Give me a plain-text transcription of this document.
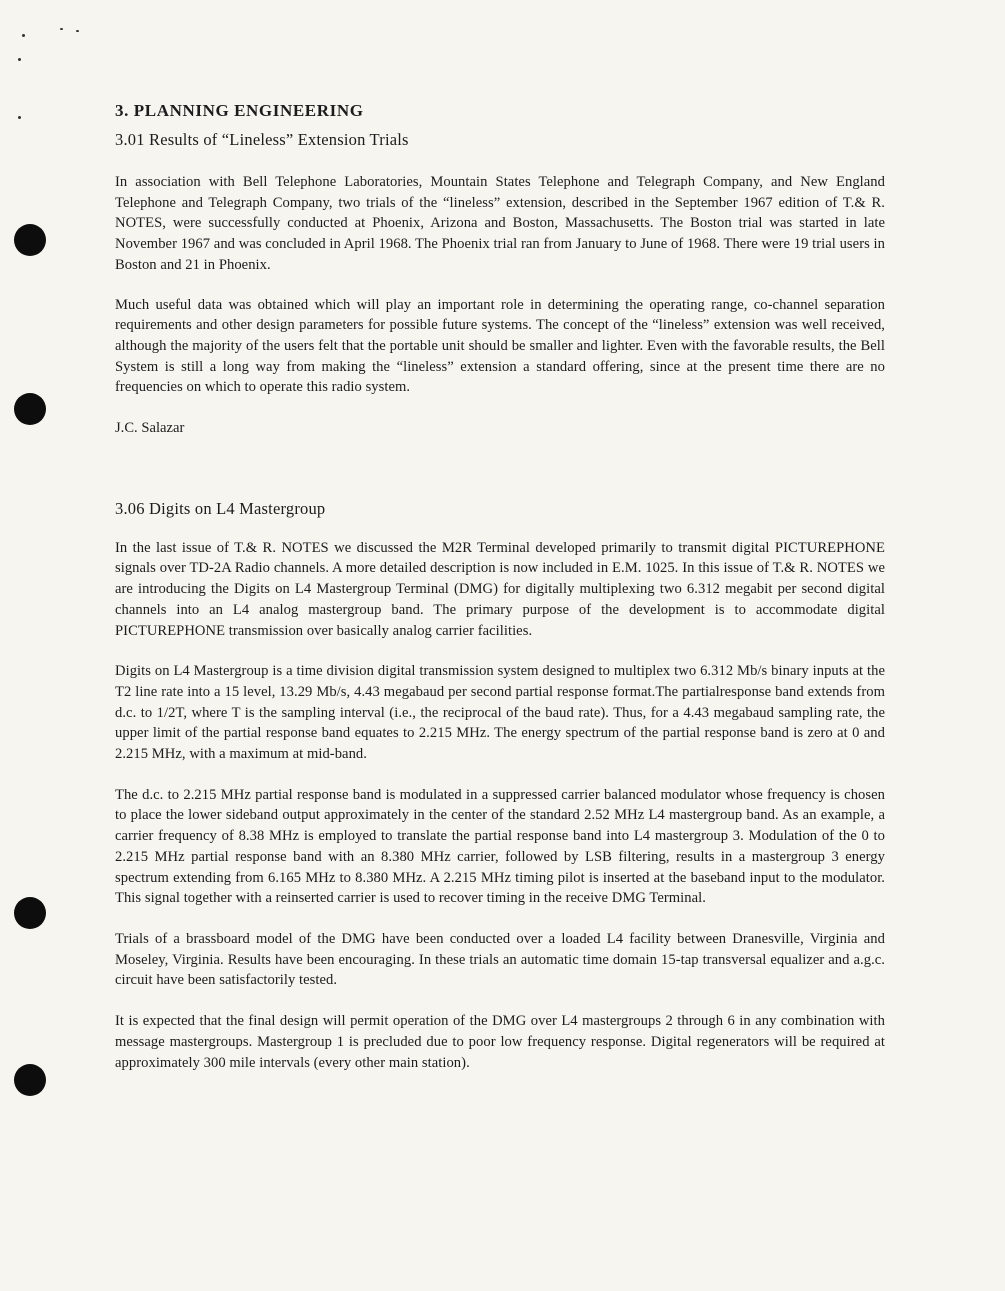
3. PLANNING ENGINEERING
3.01 Results of “Lineless” Extension Trials

In association with Bell Telephone Laboratories, Mountain States Telephone and Telegraph Company, and New England Telephone and Telegraph Company, two trials of the “lineless” extension, described in the September 1967 edition of T.& R. NOTES, were successfully conducted at Phoenix, Arizona and Boston, Massachusetts. The Boston trial was started in late November 1967 and was concluded in April 1968. The Phoenix trial ran from January to June of 1968. There were 19 trial users in Boston and 21 in Phoenix.

Much useful data was obtained which will play an important role in determining the operating range, co-channel separation requirements and other design parameters for possible future systems. The concept of the “lineless” extension was well received, although the majority of the users felt that the portable unit should be smaller and lighter. Even with the favorable results, the Bell System is still a long way from making the “lineless” extension a standard offering, since at the present time there are no frequencies on which to operate this radio system.

J.C. Salazar

3.06 Digits on L4 Mastergroup

In the last issue of T.& R. NOTES we discussed the M2R Terminal developed primarily to transmit digital PICTUREPHONE signals over TD-2A Radio channels. A more detailed description is now included in E.M. 1025. In this issue of T.& R. NOTES we are introducing the Digits on L4 Mastergroup Terminal (DMG) for digitally multiplexing two 6.312 megabit per second digital channels into an L4 analog mastergroup band. The primary purpose of the development is to accommodate digital PICTUREPHONE transmission over basically analog carrier facilities.

Digits on L4 Mastergroup is a time division digital transmission system designed to multiplex two 6.312 Mb/s binary inputs at the T2 line rate into a 15 level, 13.29 Mb/s, 4.43 megabaud per second partial response format.The partialresponse band extends from d.c. to 1/2T, where T is the sampling interval (i.e., the reciprocal of the baud rate). Thus, for a 4.43 megabaud sampling rate, the upper limit of the partial response band equates to 2.215 MHz. The energy spectrum of the partial response band is zero at 0 and 2.215 MHz, with a maximum at mid-band.

The d.c. to 2.215 MHz partial response band is modulated in a suppressed carrier balanced modulator whose frequency is chosen to place the lower sideband output approximately in the center of the standard 2.52 MHz L4 mastergroup band. As an example, a carrier frequency of 8.38 MHz is employed to translate the partial response band into L4 mastergroup 3. Modulation of the 0 to 2.215 MHz partial response band with an 8.380 MHz carrier, followed by LSB filtering, results in a mastergroup 3 energy spectrum extending from 6.165 MHz to 8.380 MHz. A 2.215 MHz timing pilot is inserted at the baseband input to the modulator. This signal together with a reinserted carrier is used to recover timing in the receive DMG Terminal.

Trials of a brassboard model of the DMG have been conducted over a loaded L4 facility between Dranesville, Virginia and Moseley, Virginia. Results have been encouraging. In these trials an automatic time domain 15-tap transversal equalizer and a.g.c. circuit have been satisfactorily tested.

It is expected that the final design will permit operation of the DMG over L4 mastergroups 2 through 6 in any combination with message mastergroups. Mastergroup 1 is precluded due to poor low frequency response. Digital regenerators will be required at approximately 300 mile intervals (every other main station).
